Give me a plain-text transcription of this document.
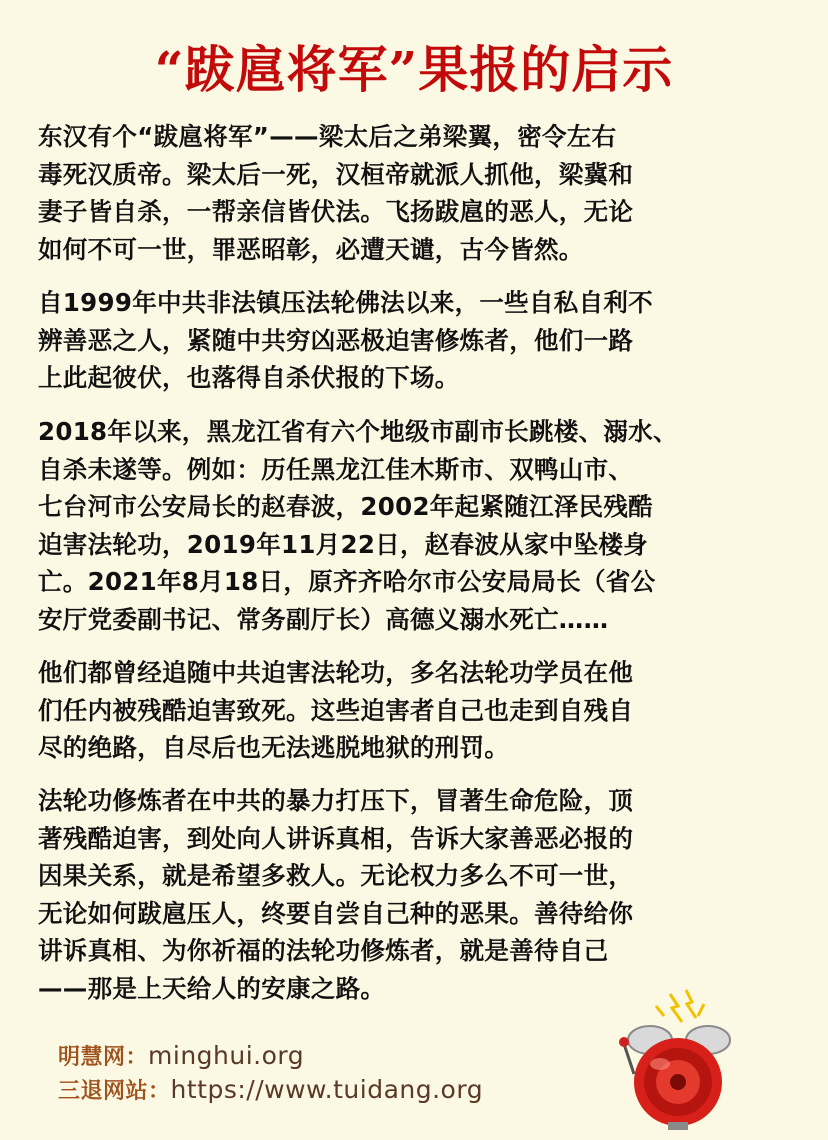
“跋扈将军”果报的启示
东汉有个“跋扈将军”——梁太后之弟梁翼，密令左右
毒死汉质帝。梁太后一死，汉桓帝就派人抓他，梁冀和
妻子皆自杀，一帮亲信皆伏法。飞扬跋扈的恶人，无论
如何不可一世，罪恶昭彰，必遭天谴，古今皆然。
自1999年中共非法镇压法轮佛法以来，一些自私自利不
辨善恶之人，紧随中共穷凶恶极迫害修炼者，他们一路
上此起彼伏，也落得自杀伏报的下场。
2018年以来，黑龙江省有六个地级市副市长跳楼、溺水、
自杀未遂等。例如：历任黑龙江佳木斯市、双鸭山市、
七台河市公安局长的赵春波，2002年起紧随江泽民残酷
迫害法轮功，2019年11月22日，赵春波从家中坠楼身
亡。2021年8月18日，原齐齐哈尔市公安局局长（省公
安厅党委副书记、常务副厅长）高德义溺水死亡……
他们都曾经追随中共迫害法轮功，多名法轮功学员在他
们任内被残酷迫害致死。这些迫害者自己也走到自残自
尽的绝路，自尽后也无法逃脱地狱的刑罚。
法轮功修炼者在中共的暴力打压下，冒著生命危险，顶
著残酷迫害，到处向人讲诉真相，告诉大家善恶必报的
因果关系，就是希望多救人。无论权力多么不可一世，
无论如何跋扈压人，终要自尝自己种的恶果。善待给你
讲诉真相、为你祈福的法轮功修炼者，就是善待自己
——那是上天给人的安康之路。
明慧网：minghui.org
三退网站：https://www.tuidang.org
